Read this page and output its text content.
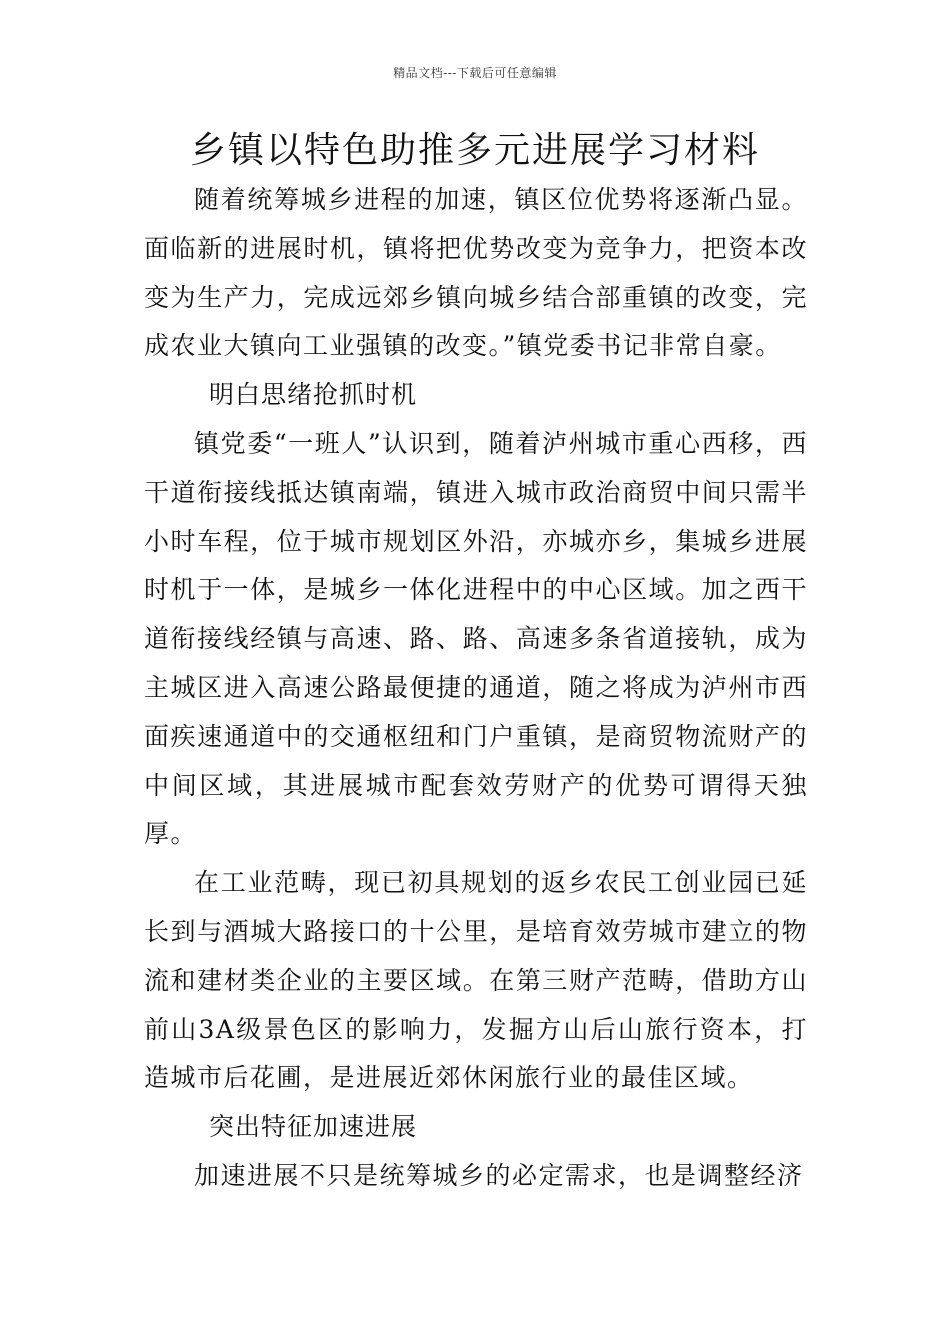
精品文档---下载后可任意编辑
乡镇以特色助推多元进展学习材料

随着统筹城乡进程的加速，镇区位优势将逐渐凸显。面临新的进展时机，镇将把优势改变为竞争力，把资本改变为生产力，完成远郊乡镇向城乡结合部重镇的改变，完成农业大镇向工业强镇的改变。”镇党委书记非常自豪。

明白思绪抢抓时机

镇党委“一班人”认识到，随着泸州城市重心西移，西干道衔接线抵达镇南端，镇进入城市政治商贸中间只需半小时车程，位于城市规划区外沿，亦城亦乡，集城乡进展时机于一体，是城乡一体化进程中的中心区域。加之西干道衔接线经镇与高速、路、路、高速多条省道接轨，成为主城区进入高速公路最便捷的通道，随之将成为泸州市西面疾速通道中的交通枢纽和门户重镇，是商贸物流财产的中间区域，其进展城市配套效劳财产的优势可谓得天独厚。

在工业范畴，现已初具规划的返乡农民工创业园已延长到与酒城大路接口的十公里，是培育效劳城市建立的物流和建材类企业的主要区域。在第三财产范畴，借助方山前山3A级景色区的影响力，发掘方山后山旅行资本，打造城市后花圃，是进展近郊休闲旅行业的最佳区域。

突出特征加速进展

加速进展不只是统筹城乡的必定需求，也是调整经济
